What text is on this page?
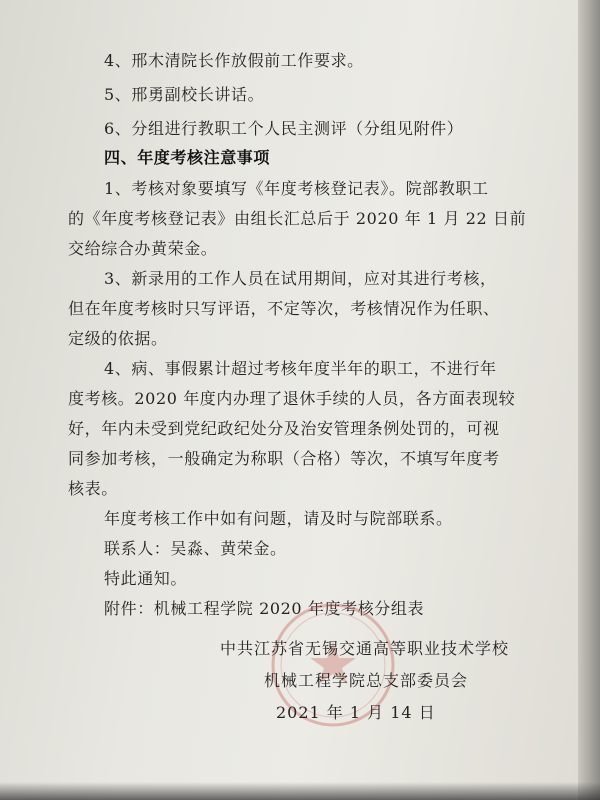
4、邢木清院长作放假前工作要求。

5、邢勇副校长讲话。

6、分组进行教职工个人民主测评（分组见附件）

四、年度考核注意事项

1、考核对象要填写《年度考核登记表》。院部教职工

的《年度考核登记表》由组长汇总后于 2020 年 1 月 22 日前

交给综合办黄荣金。

3、新录用的工作人员在试用期间，应对其进行考核，

但在年度考核时只写评语，不定等次，考核情况作为任职、

定级的依据。

4、病、事假累计超过考核年度半年的职工，不进行年

度考核。2020 年度内办理了退休手续的人员，各方面表现较

好，年内未受到党纪政纪处分及治安管理条例处罚的，可视

同参加考核，一般确定为称职（合格）等次，不填写年度考

核表。

年度考核工作中如有问题，请及时与院部联系。

联系人：吴淼、黄荣金。

特此通知。

附件：机械工程学院 2020 年度考核分组表

中共江苏省无锡交通高等职业技术学校

机械工程学院总支部委员会

2021 年 1 月 14 日
